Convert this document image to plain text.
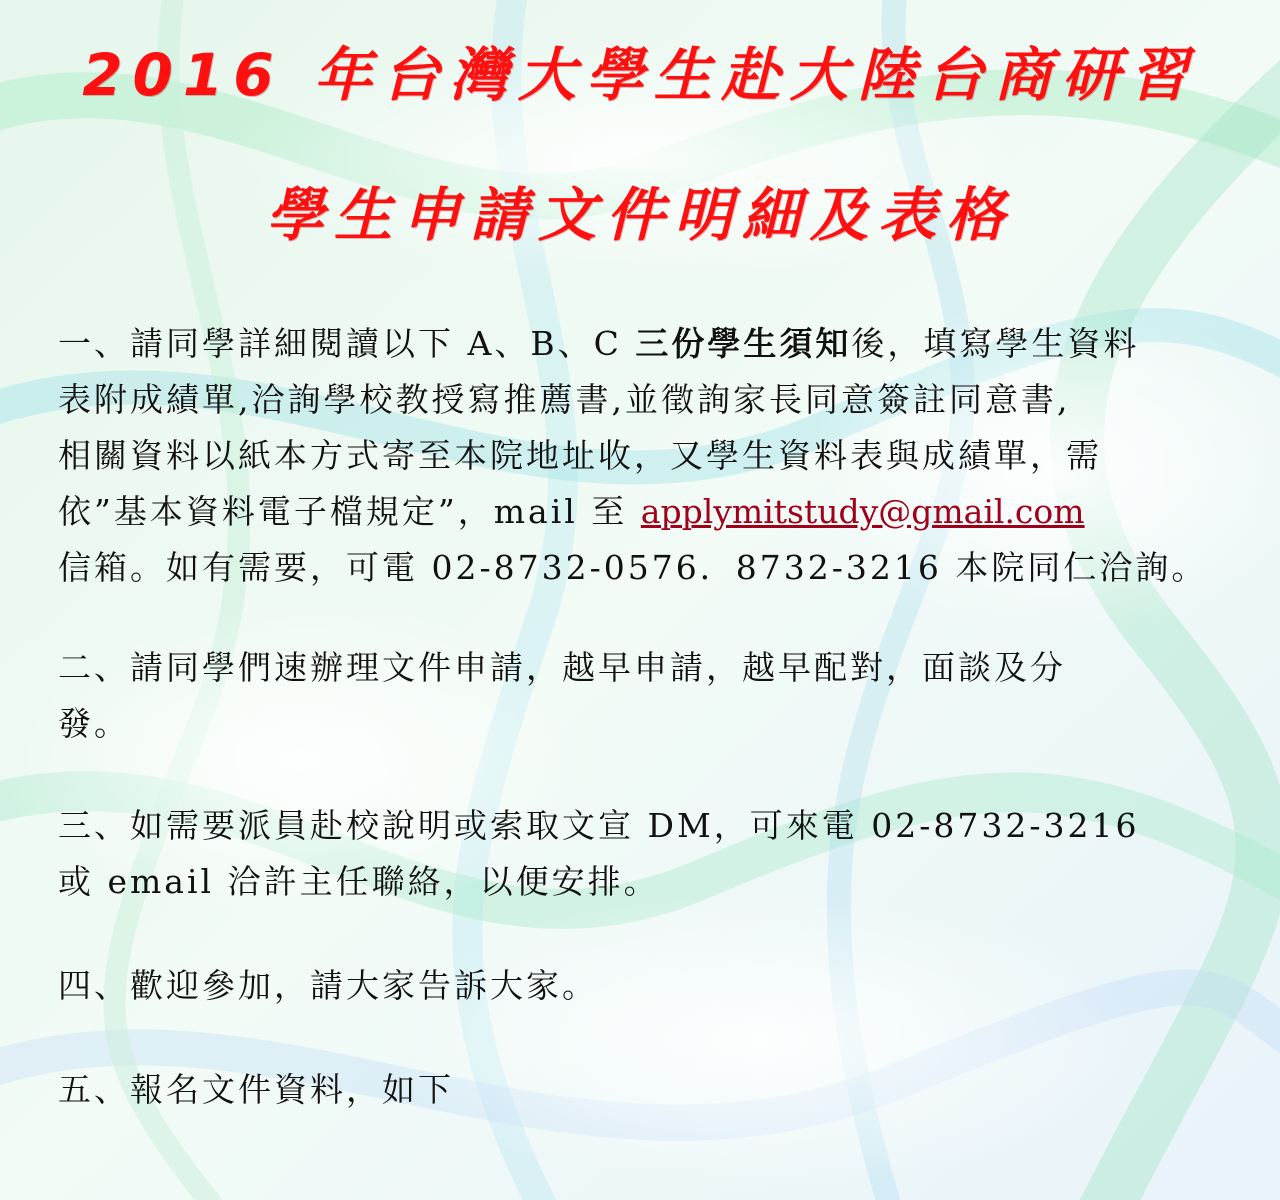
2016 年台灣大學生赴大陸台商研習
學生申請文件明細及表格
一、請同學詳細閱讀以下 A、B、C 三份學生須知後，填寫學生資料
表附成績單,洽詢學校教授寫推薦書,並徵詢家長同意簽註同意書,
相關資料以紙本方式寄至本院地址收，又學生資料表與成績單，需
依”基本資料電子檔規定”，mail 至 applymitstudy@gmail.com
信箱。如有需要，可電 02-8732-0576．8732-3216 本院同仁洽詢。
二、請同學們速辦理文件申請，越早申請，越早配對，面談及分
發。
三、如需要派員赴校說明或索取文宣 DM，可來電 02-8732-3216
或 email 洽許主任聯絡，以便安排。
四、歡迎參加，請大家告訴大家。
五、報名文件資料，如下
